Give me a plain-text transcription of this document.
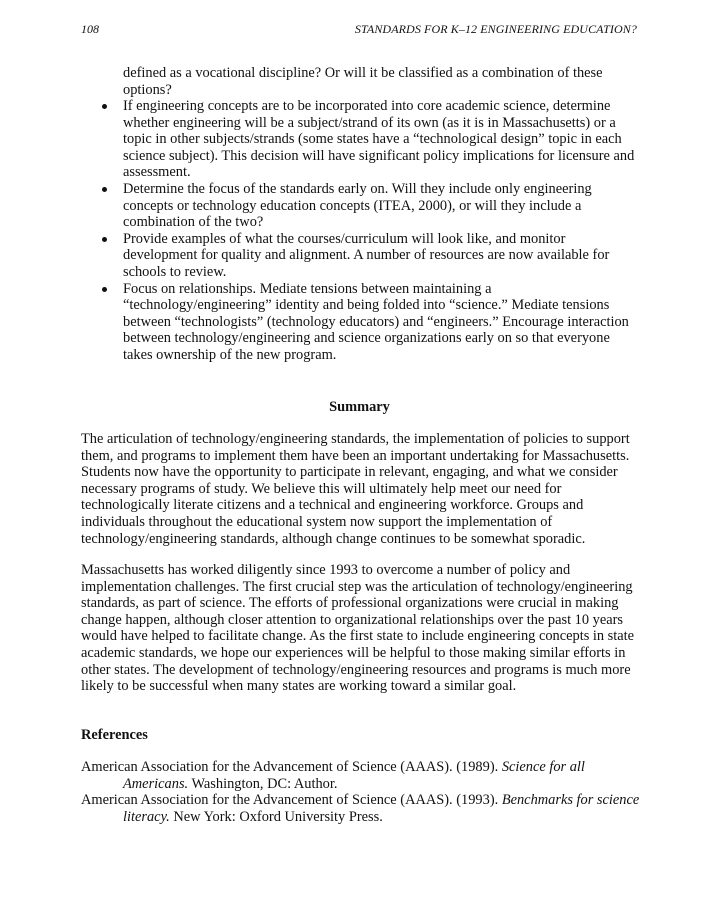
108	STANDARDS FOR K–12 ENGINEERING EDUCATION?

defined as a vocational discipline? Or will it be classified as a combination of these options?

If engineering concepts are to be incorporated into core academic science, determine whether engineering will be a subject/strand of its own (as it is in Massachusetts) or a topic in other subjects/strands (some states have a “technological design” topic in each science subject). This decision will have significant policy implications for licensure and assessment.
Determine the focus of the standards early on. Will they include only engineering concepts or technology education concepts (ITEA, 2000), or will they include a combination of the two?
Provide examples of what the courses/curriculum will look like, and monitor development for quality and alignment. A number of resources are now available for schools to review.
Focus on relationships. Mediate tensions between maintaining a “technology/engineering” identity and being folded into “science.” Mediate tensions between “technologists” (technology educators) and “engineers.” Encourage interaction between technology/engineering and science organizations early on so that everyone takes ownership of the new program.
Summary

The articulation of technology/engineering standards, the implementation of policies to support them, and programs to implement them have been an important undertaking for Massachusetts. Students now have the opportunity to participate in relevant, engaging, and what we consider necessary programs of study. We believe this will ultimately help meet our need for technologically literate citizens and a technical and engineering workforce. Groups and individuals throughout the educational system now support the implementation of technology/engineering standards, although change continues to be somewhat sporadic.

Massachusetts has worked diligently since 1993 to overcome a number of policy and implementation challenges. The first crucial step was the articulation of technology/engineering standards, as part of science. The efforts of professional organizations were crucial in making change happen, although closer attention to organizational relationships over the past 10 years would have helped to facilitate change. As the first state to include engineering concepts in state academic standards, we hope our experiences will be helpful to those making similar efforts in other states. The development of technology/engineering resources and programs is much more likely to be successful when many states are working toward a similar goal.

References
American Association for the Advancement of Science (AAAS). (1989). Science for all Americans. Washington, DC: Author.
American Association for the Advancement of Science (AAAS). (1993). Benchmarks for science literacy. New York: Oxford University Press.
